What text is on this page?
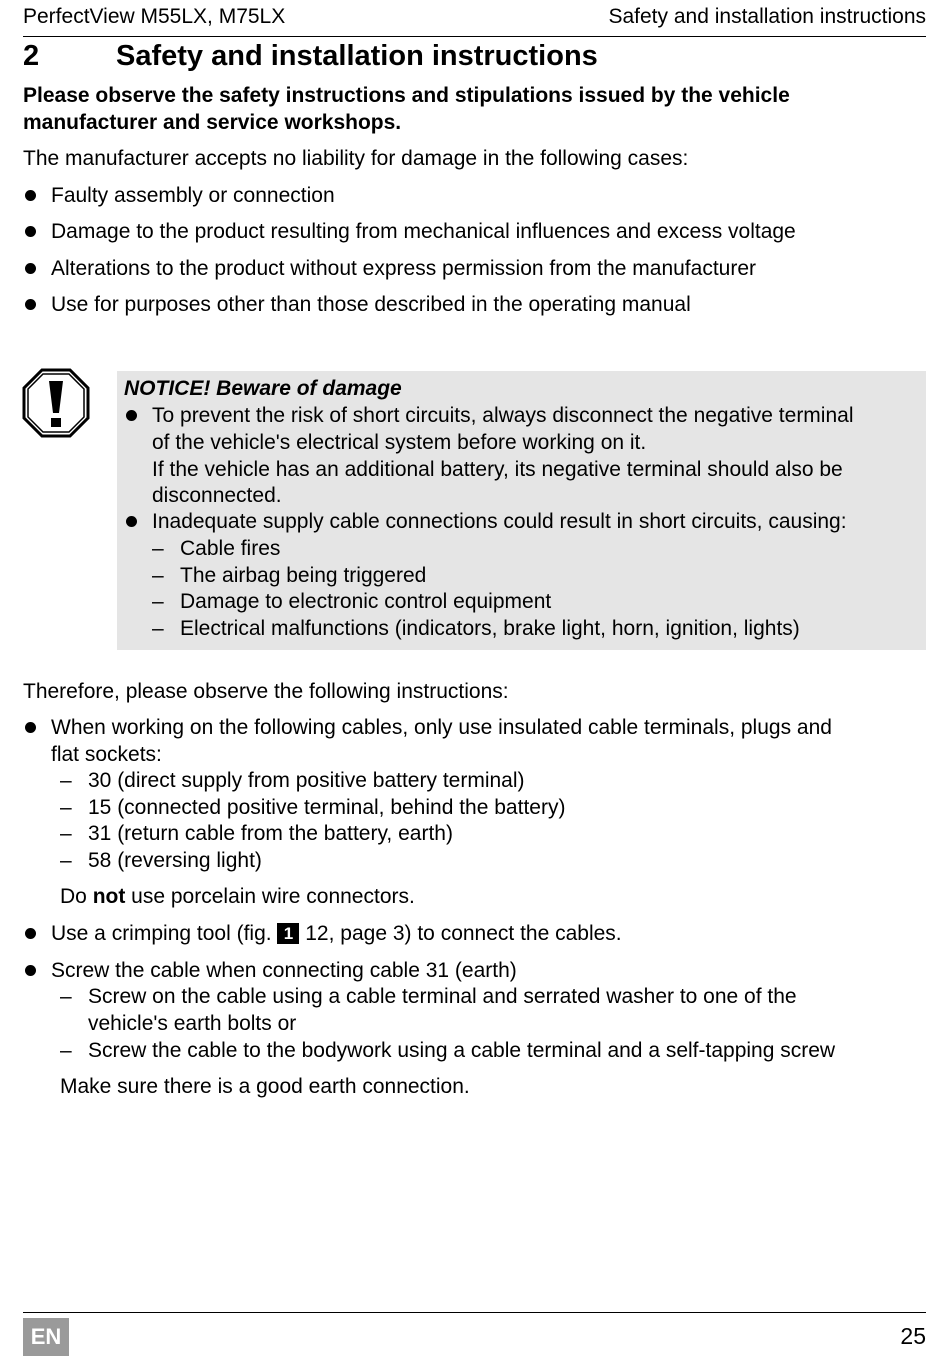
PerfectView M55LX, M75LX	Safety and installation instructions
2	Safety and installation instructions
Please observe the safety instructions and stipulations issued by the vehicle manufacturer and service workshops.
The manufacturer accepts no liability for damage in the following cases:
Faulty assembly or connection
Damage to the product resulting from mechanical influences and excess voltage
Alterations to the product without express permission from the manufacturer
Use for purposes other than those described in the operating manual
NOTICE! Beware of damage
To prevent the risk of short circuits, always disconnect the negative terminal
of the vehicle's electrical system before working on it.
If the vehicle has an additional battery, its negative terminal should also be
disconnected.
Inadequate supply cable connections could result in short circuits, causing:
– Cable fires
– The airbag being triggered
– Damage to electronic control equipment
– Electrical malfunctions (indicators, brake light, horn, ignition, lights)
Therefore, please observe the following instructions:
When working on the following cables, only use insulated cable terminals, plugs and
flat sockets:
– 30 (direct supply from positive battery terminal)
– 15 (connected positive terminal, behind the battery)
– 31 (return cable from the battery, earth)
– 58 (reversing light)
Do not use porcelain wire connectors.
Use a crimping tool (fig. 1 12, page 3) to connect the cables.
Screw the cable when connecting cable 31 (earth)
– Screw on the cable using a cable terminal and serrated washer to one of the
vehicle's earth bolts or
– Screw the cable to the bodywork using a cable terminal and a self-tapping screw
Make sure there is a good earth connection.
EN	25
